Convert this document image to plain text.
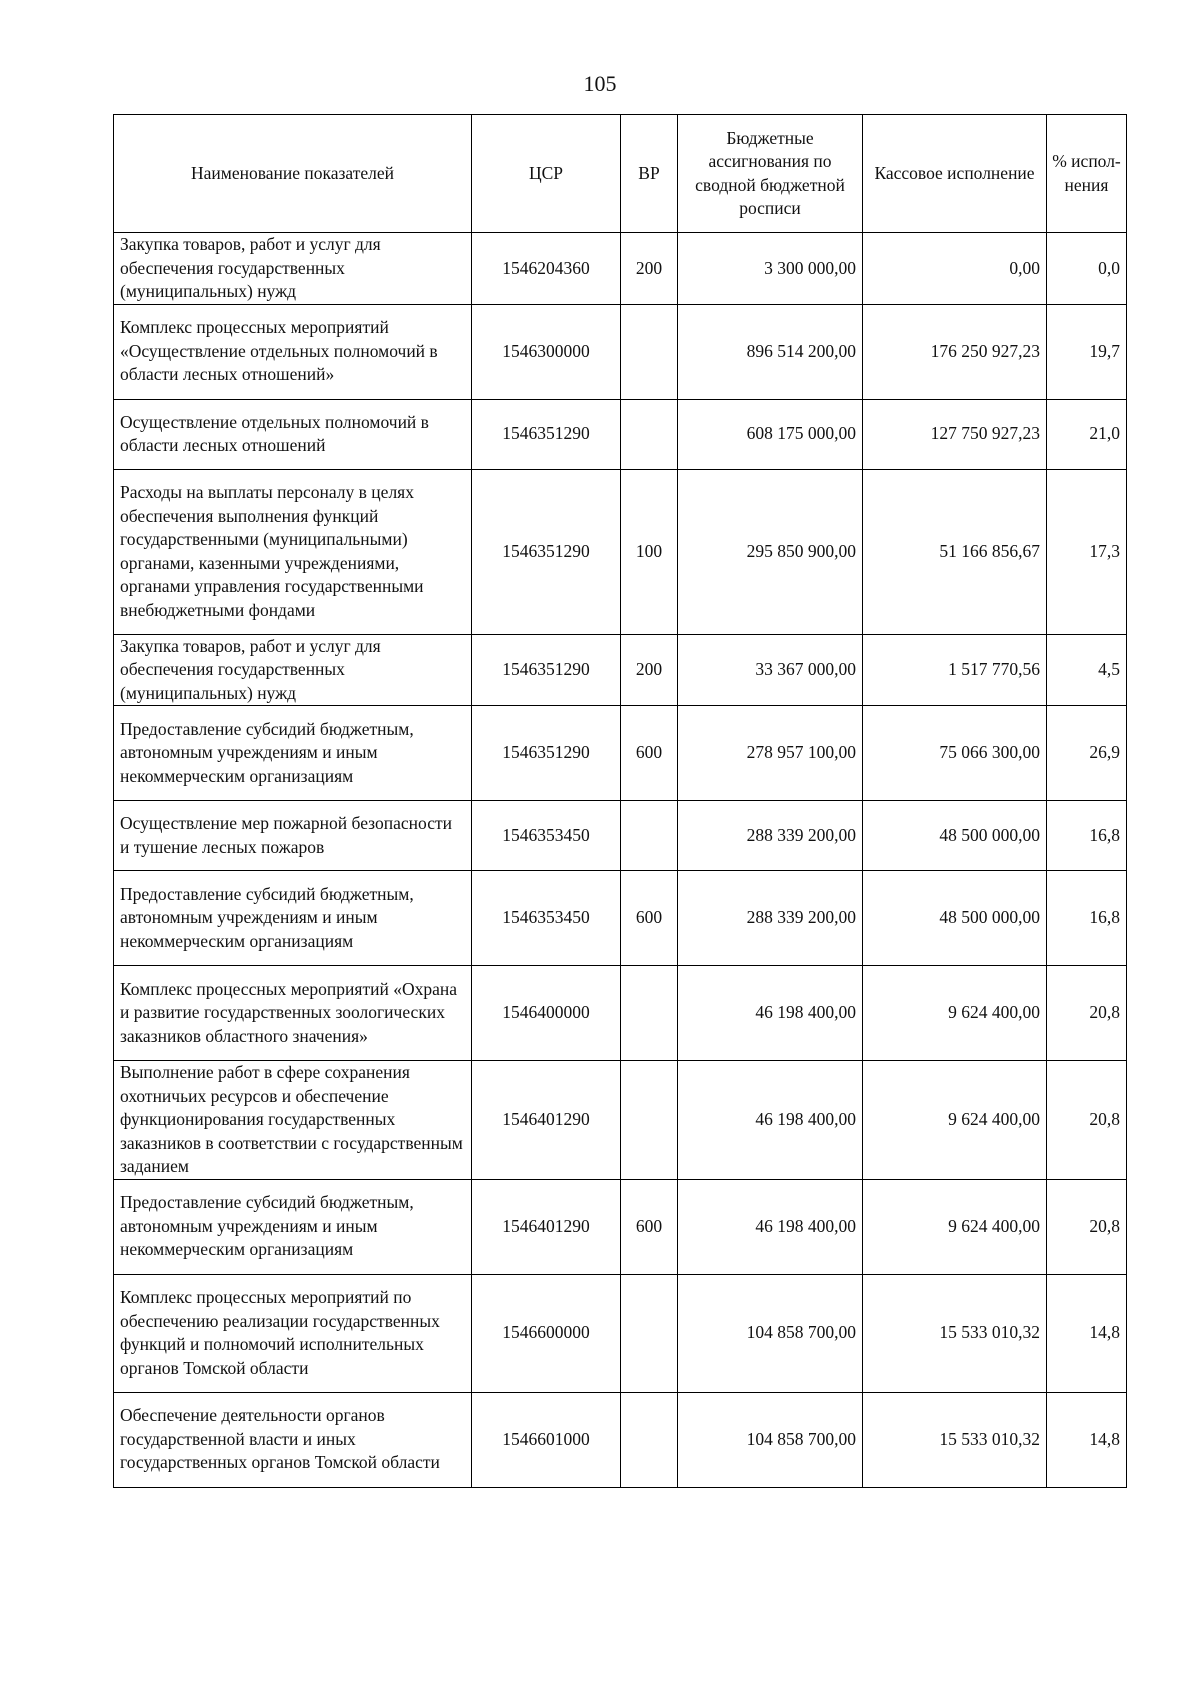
105
Наименование показателей	ЦСР	ВР	Бюджетные ассигнования по сводной бюджетной росписи	Кассовое исполнение	% испол-нения
Закупка товаров, работ и услуг для обеспечения государственных (муниципальных) нужд	1546204360	200	3 300 000,00	0,00	0,0
Комплекс процессных мероприятий «Осуществление отдельных полномочий в области лесных отношений»	1546300000		896 514 200,00	176 250 927,23	19,7
Осуществление отдельных полномочий в области лесных отношений	1546351290		608 175 000,00	127 750 927,23	21,0
Расходы на выплаты персоналу в целях обеспечения выполнения функций государственными (муниципальными) органами, казенными учреждениями, органами управления государственными внебюджетными фондами	1546351290	100	295 850 900,00	51 166 856,67	17,3
Закупка товаров, работ и услуг для обеспечения государственных (муниципальных) нужд	1546351290	200	33 367 000,00	1 517 770,56	4,5
Предоставление субсидий бюджетным, автономным учреждениям и иным некоммерческим организациям	1546351290	600	278 957 100,00	75 066 300,00	26,9
Осуществление мер пожарной безопасности и тушение лесных пожаров	1546353450		288 339 200,00	48 500 000,00	16,8
Предоставление субсидий бюджетным, автономным учреждениям и иным некоммерческим организациям	1546353450	600	288 339 200,00	48 500 000,00	16,8
Комплекс процессных мероприятий «Охрана и развитие государственных зоологических заказников областного значения»	1546400000		46 198 400,00	9 624 400,00	20,8
Выполнение работ в сфере сохранения охотничьих ресурсов и обеспечение функционирования государственных заказников в соответствии с государственным заданием	1546401290		46 198 400,00	9 624 400,00	20,8
Предоставление субсидий бюджетным, автономным учреждениям и иным некоммерческим организациям	1546401290	600	46 198 400,00	9 624 400,00	20,8
Комплекс процессных мероприятий по обеспечению реализации государственных функций и полномочий исполнительных органов Томской области	1546600000		104 858 700,00	15 533 010,32	14,8
Обеспечение деятельности органов государственной власти и иных государственных органов Томской области	1546601000		104 858 700,00	15 533 010,32	14,8
